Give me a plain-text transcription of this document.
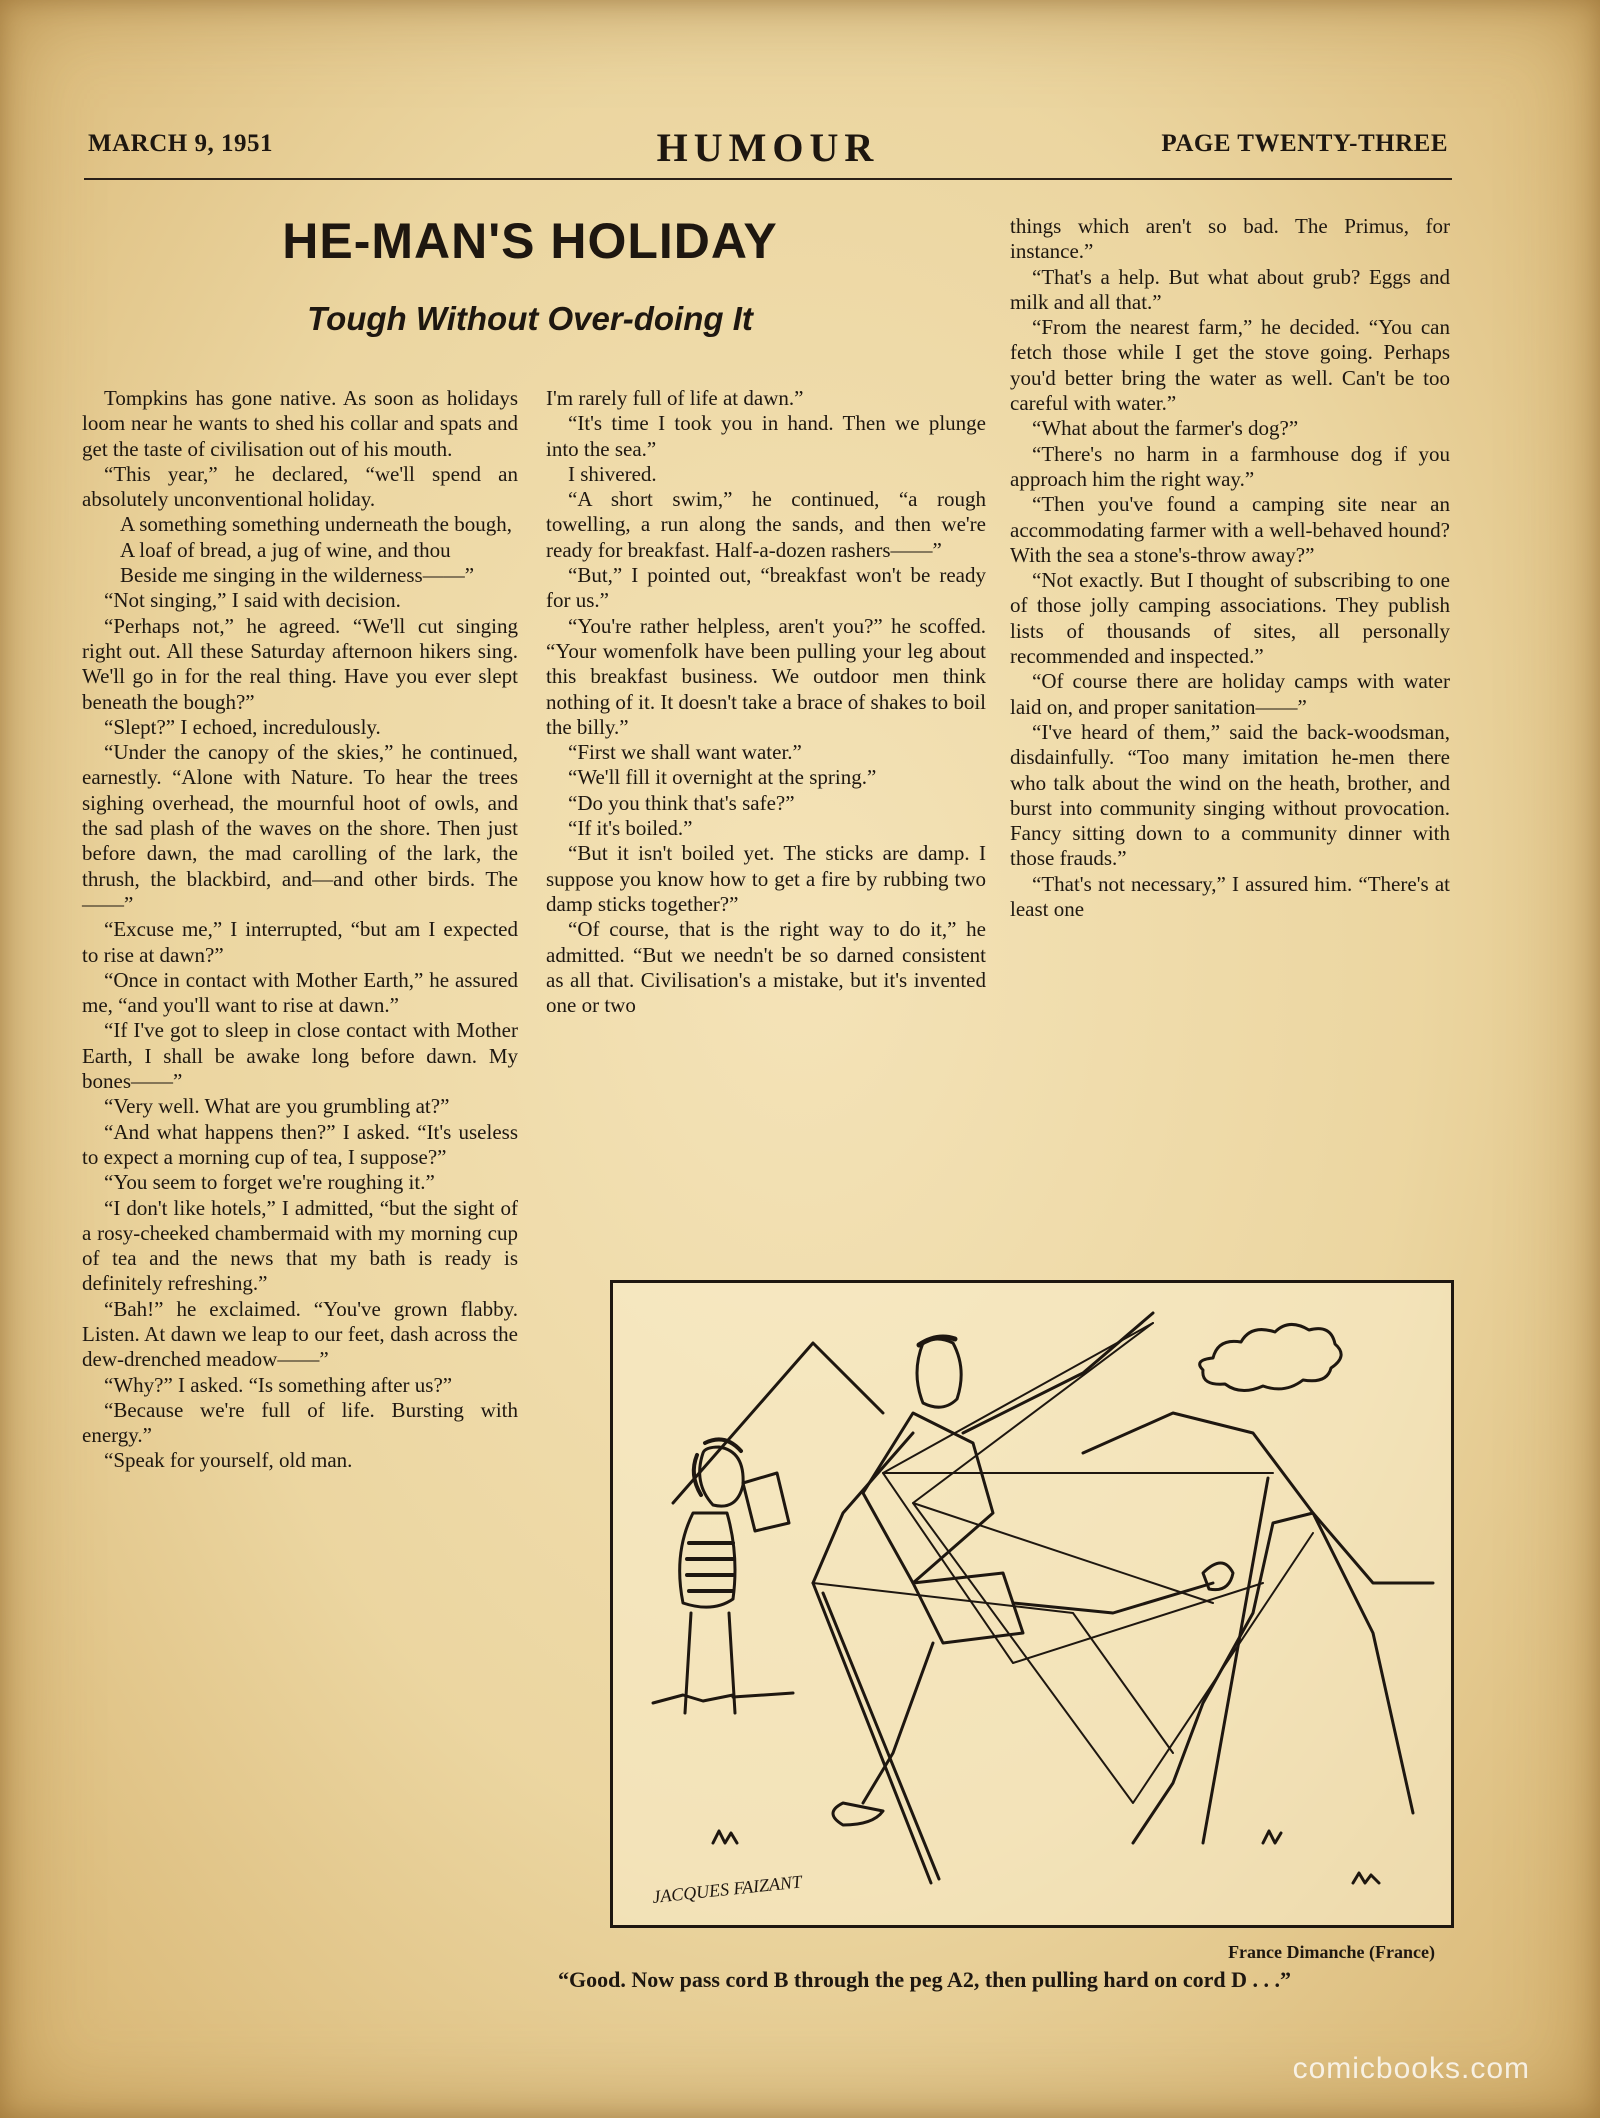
HUMOUR
MARCH 9, 1951	PAGE TWENTY-THREE
HE-MAN'S HOLIDAY
Tough Without Over-doing It

Tompkins has gone native. As soon as holidays loom near he wants to shed his collar and spats and get the taste of civilisation out of his mouth.

“This year,” he declared, “we'll spend an absolutely unconventional holiday.

A something something underneath the bough,

A loaf of bread, a jug of wine, and thou

Beside me singing in the wilderness——”

“Not singing,” I said with decision.

“Perhaps not,” he agreed. “We'll cut singing right out. All these Saturday afternoon hikers sing. We'll go in for the real thing. Have you ever slept beneath the bough?”

“Slept?” I echoed, incredulously.

“Under the canopy of the skies,” he continued, earnestly. “Alone with Nature. To hear the trees sighing overhead, the mournful hoot of owls, and the sad plash of the waves on the shore. Then just before dawn, the mad carolling of the lark, the thrush, the blackbird, and—and other birds. The ——”

“Excuse me,” I interrupted, “but am I expected to rise at dawn?”

“Once in contact with Mother Earth,” he assured me, “and you'll want to rise at dawn.”

“If I've got to sleep in close contact with Mother Earth, I shall be awake long before dawn. My bones——”

“Very well. What are you grumbling at?”

“And what happens then?” I asked. “It's useless to expect a morning cup of tea, I suppose?”

“You seem to forget we're roughing it.”

“I don't like hotels,” I admitted, “but the sight of a rosy-cheeked chambermaid with my morning cup of tea and the news that my bath is ready is definitely refreshing.”

“Bah!” he exclaimed. “You've grown flabby. Listen. At dawn we leap to our feet, dash across the dew-drenched meadow——”

“Why?” I asked. “Is something after us?”

“Because we're full of life. Bursting with energy.”

“Speak for yourself, old man.

I'm rarely full of life at dawn.”

“It's time I took you in hand. Then we plunge into the sea.”

I shivered.

“A short swim,” he continued, “a rough towelling, a run along the sands, and then we're ready for breakfast. Half-a-dozen rashers——”

“But,” I pointed out, “breakfast won't be ready for us.”

“You're rather helpless, aren't you?” he scoffed. “Your womenfolk have been pulling your leg about this breakfast business. We outdoor men think nothing of it. It doesn't take a brace of shakes to boil the billy.”

“First we shall want water.”

“We'll fill it overnight at the spring.”

“Do you think that's safe?”

“If it's boiled.”

“But it isn't boiled yet. The sticks are damp. I suppose you know how to get a fire by rubbing two damp sticks together?”

“Of course, that is the right way to do it,” he admitted. “But we needn't be so darned consistent as all that. Civilisation's a mistake, but it's invented one or two

things which aren't so bad. The Primus, for instance.”

“That's a help. But what about grub? Eggs and milk and all that.”

“From the nearest farm,” he decided. “You can fetch those while I get the stove going. Perhaps you'd better bring the water as well. Can't be too careful with water.”

“What about the farmer's dog?”

“There's no harm in a farmhouse dog if you approach him the right way.”

“Then you've found a camping site near an accommodating farmer with a well-behaved hound? With the sea a stone's-throw away?”

“Not exactly. But I thought of subscribing to one of those jolly camping associations. They publish lists of thousands of sites, all personally recommended and inspected.”

“Of course there are holiday camps with water laid on, and proper sanitation——”

“I've heard of them,” said the back-woodsman, disdainfully. “Too many imitation he-men there who talk about the wind on the heath, brother, and burst into community singing without provocation. Fancy sitting down to a community dinner with those frauds.”

“That's not necessary,” I assured him. “There's at least one

JACQUES FAIZANT
France Dimanche (France)
“Good. Now pass cord B through the peg A2, then pulling hard on cord D . . .”
comicbooks.com
